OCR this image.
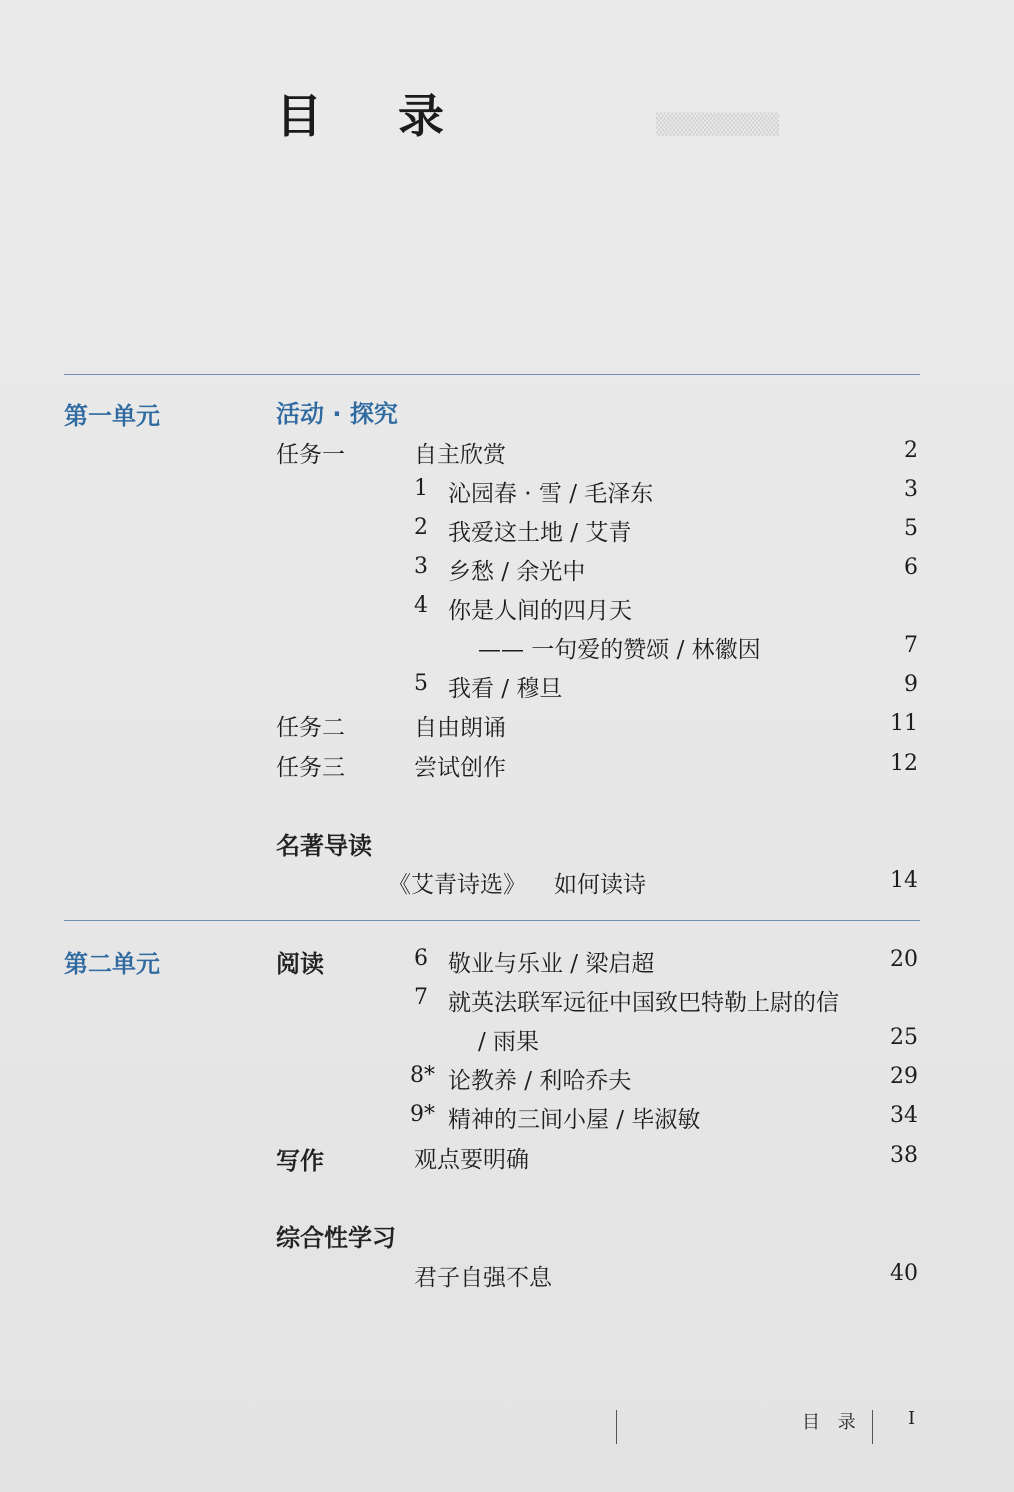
▒▒▒▒▒▒▒▒
目 录
第一单元	活动 · 探究
任务一	自主欣赏	2
1 沁园春 · 雪 / 毛泽东	3
2 我爱这土地 / 艾青	5
3 乡愁 / 余光中	6
4 你是人间的四月天
—— 一句爱的赞颂 / 林徽因	7
5 我看 / 穆旦	9
任务二	自由朗诵	11
任务三	尝试创作	12
名著导读
《艾青诗选》 如何读诗	14
第二单元	阅读	6 敬业与乐业 / 梁启超	20
7 就英法联军远征中国致巴特勒上尉的信
/ 雨果	25
8* 论教养 / 利哈乔夫	29
9* 精神的三间小屋 / 毕淑敏	34
写作	观点要明确	38
综合性学习
君子自强不息	40
目 录	I
